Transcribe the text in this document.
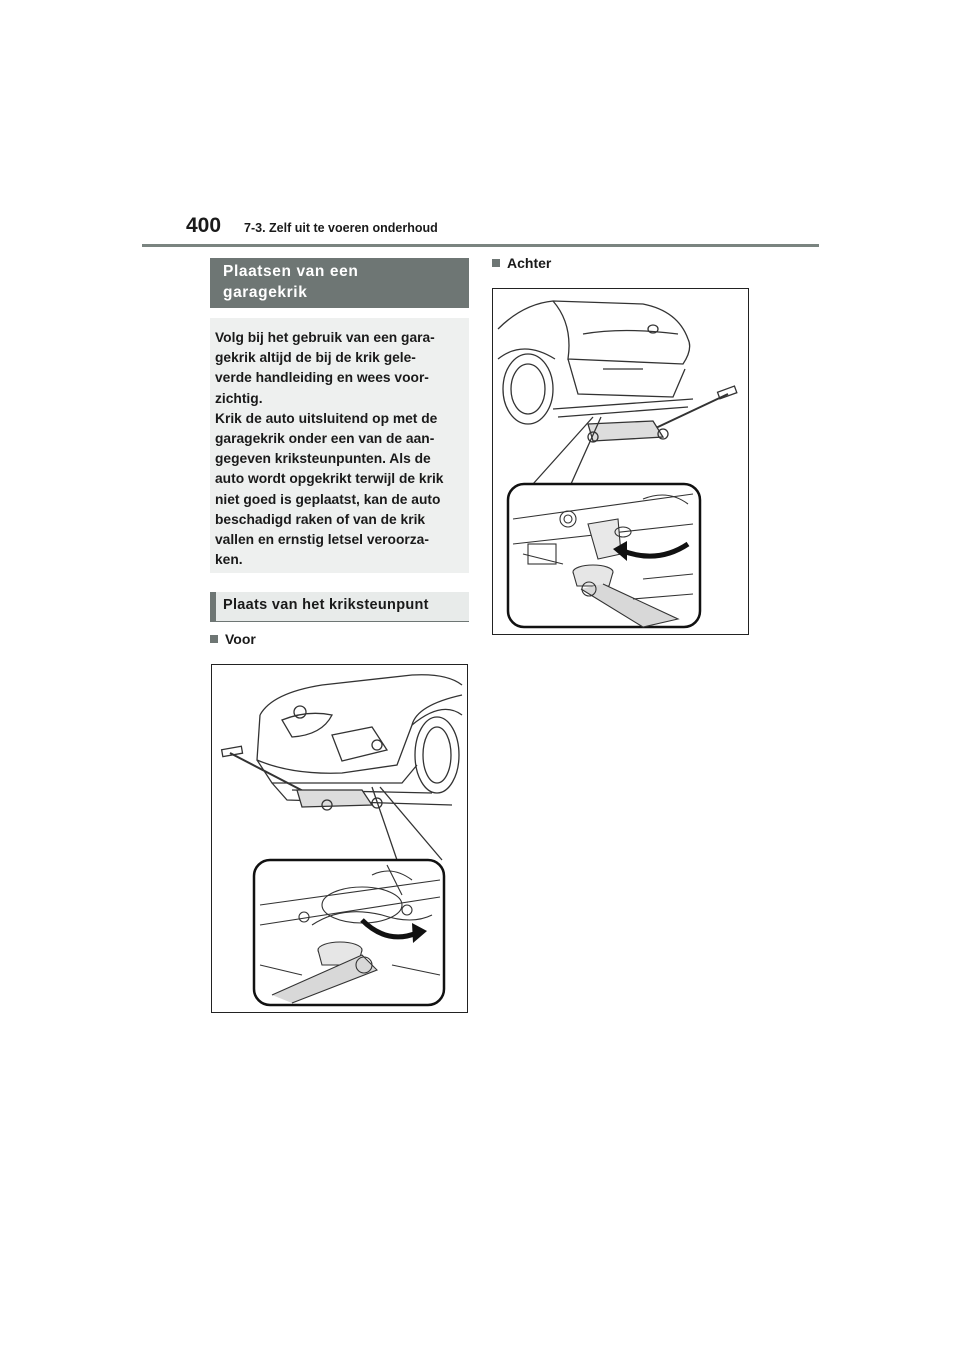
400 7-3. Zelf uit te voeren onderhoud
Plaatsen van een
garagekrik
Volg bij het gebruik van een gara-
gekrik altijd de bij de krik gele-
verde handleiding en wees voor-
zichtig.
Krik de auto uitsluitend op met de
garagekrik onder een van de aan-
gegeven kriksteunpunten. Als de
auto wordt opgekrikt terwijl de krik
niet goed is geplaatst, kan de auto
beschadigd raken of van de krik
vallen en ernstig letsel veroorza-
ken.
Plaats van het kriksteunpunt
Voor
Achter
